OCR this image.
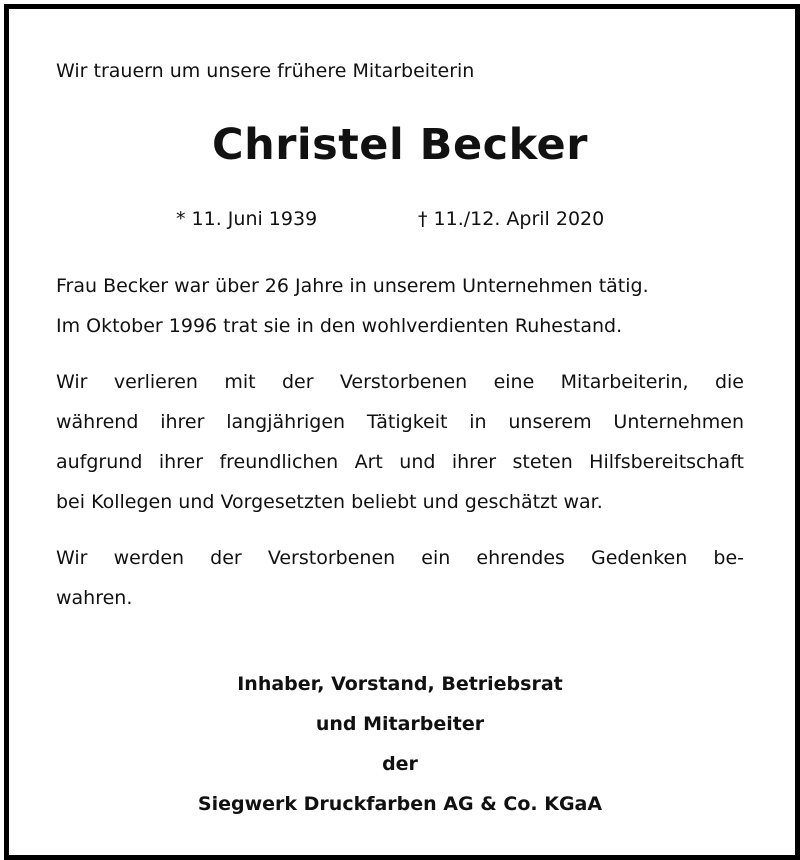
Wir trauern um unsere frühere Mitarbeiterin
Christel Becker
* 11. Juni 1939	† 11./12. April 2020
Frau Becker war über 26 Jahre in unserem Unternehmen tätig.
Im Oktober 1996 trat sie in den wohlverdienten Ruhestand.
Wir verlieren mit der Verstorbenen eine Mitarbeiterin, die
während ihrer langjährigen Tätigkeit in unserem Unternehmen
aufgrund ihrer freundlichen Art und ihrer steten Hilfsbereitschaft
bei Kollegen und Vorgesetzten beliebt und geschätzt war.
Wir werden der Verstorbenen ein ehrendes Gedenken be-
wahren.
Inhaber, Vorstand, Betriebsrat
und Mitarbeiter
der
Siegwerk Druckfarben AG & Co. KGaA
